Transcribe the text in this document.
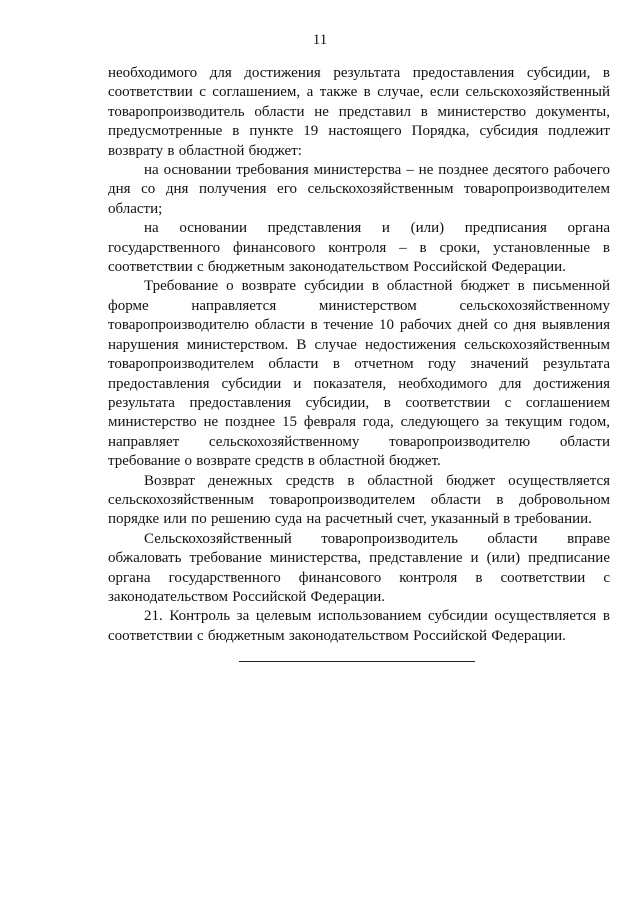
11

необходимого для достижения результата предоставления субсидии, в соответствии с соглашением, а также в случае, если сельскохозяйственный товаропроизводитель области не представил в министерство документы, предусмотренные в пункте 19 настоящего Порядка, субсидия подлежит возврату в областной бюджет:

на основании требования министерства – не позднее десятого рабочего дня со дня получения его сельскохозяйственным товаропроизводителем области;

на основании представления и (или) предписания органа государственного финансового контроля – в сроки, установленные в соответствии с бюджетным законодательством Российской Федерации.

Требование о возврате субсидии в областной бюджет в письменной форме направляется министерством сельскохозяйственному товаропроизводителю области в течение 10 рабочих дней со дня выявления нарушения министерством. В случае недостижения сельскохозяйственным товаропроизводителем области в отчетном году значений результата предоставления субсидии и показателя, необходимого для достижения результата предоставления субсидии, в соответствии с соглашением министерство не позднее 15 февраля года, следующего за текущим годом, направляет сельскохозяйственному товаропроизводителю области требование о возврате средств в областной бюджет.

Возврат денежных средств в областной бюджет осуществляется сельскохозяйственным товаропроизводителем области в добровольном порядке или по решению суда на расчетный счет, указанный в требовании.

Сельскохозяйственный товаропроизводитель области вправе обжаловать требование министерства, представление и (или) предписание органа государственного финансового контроля в соответствии с законодательством Российской Федерации.

21. Контроль за целевым использованием субсидии осуществляется в соответствии с бюджетным законодательством Российской Федерации.
